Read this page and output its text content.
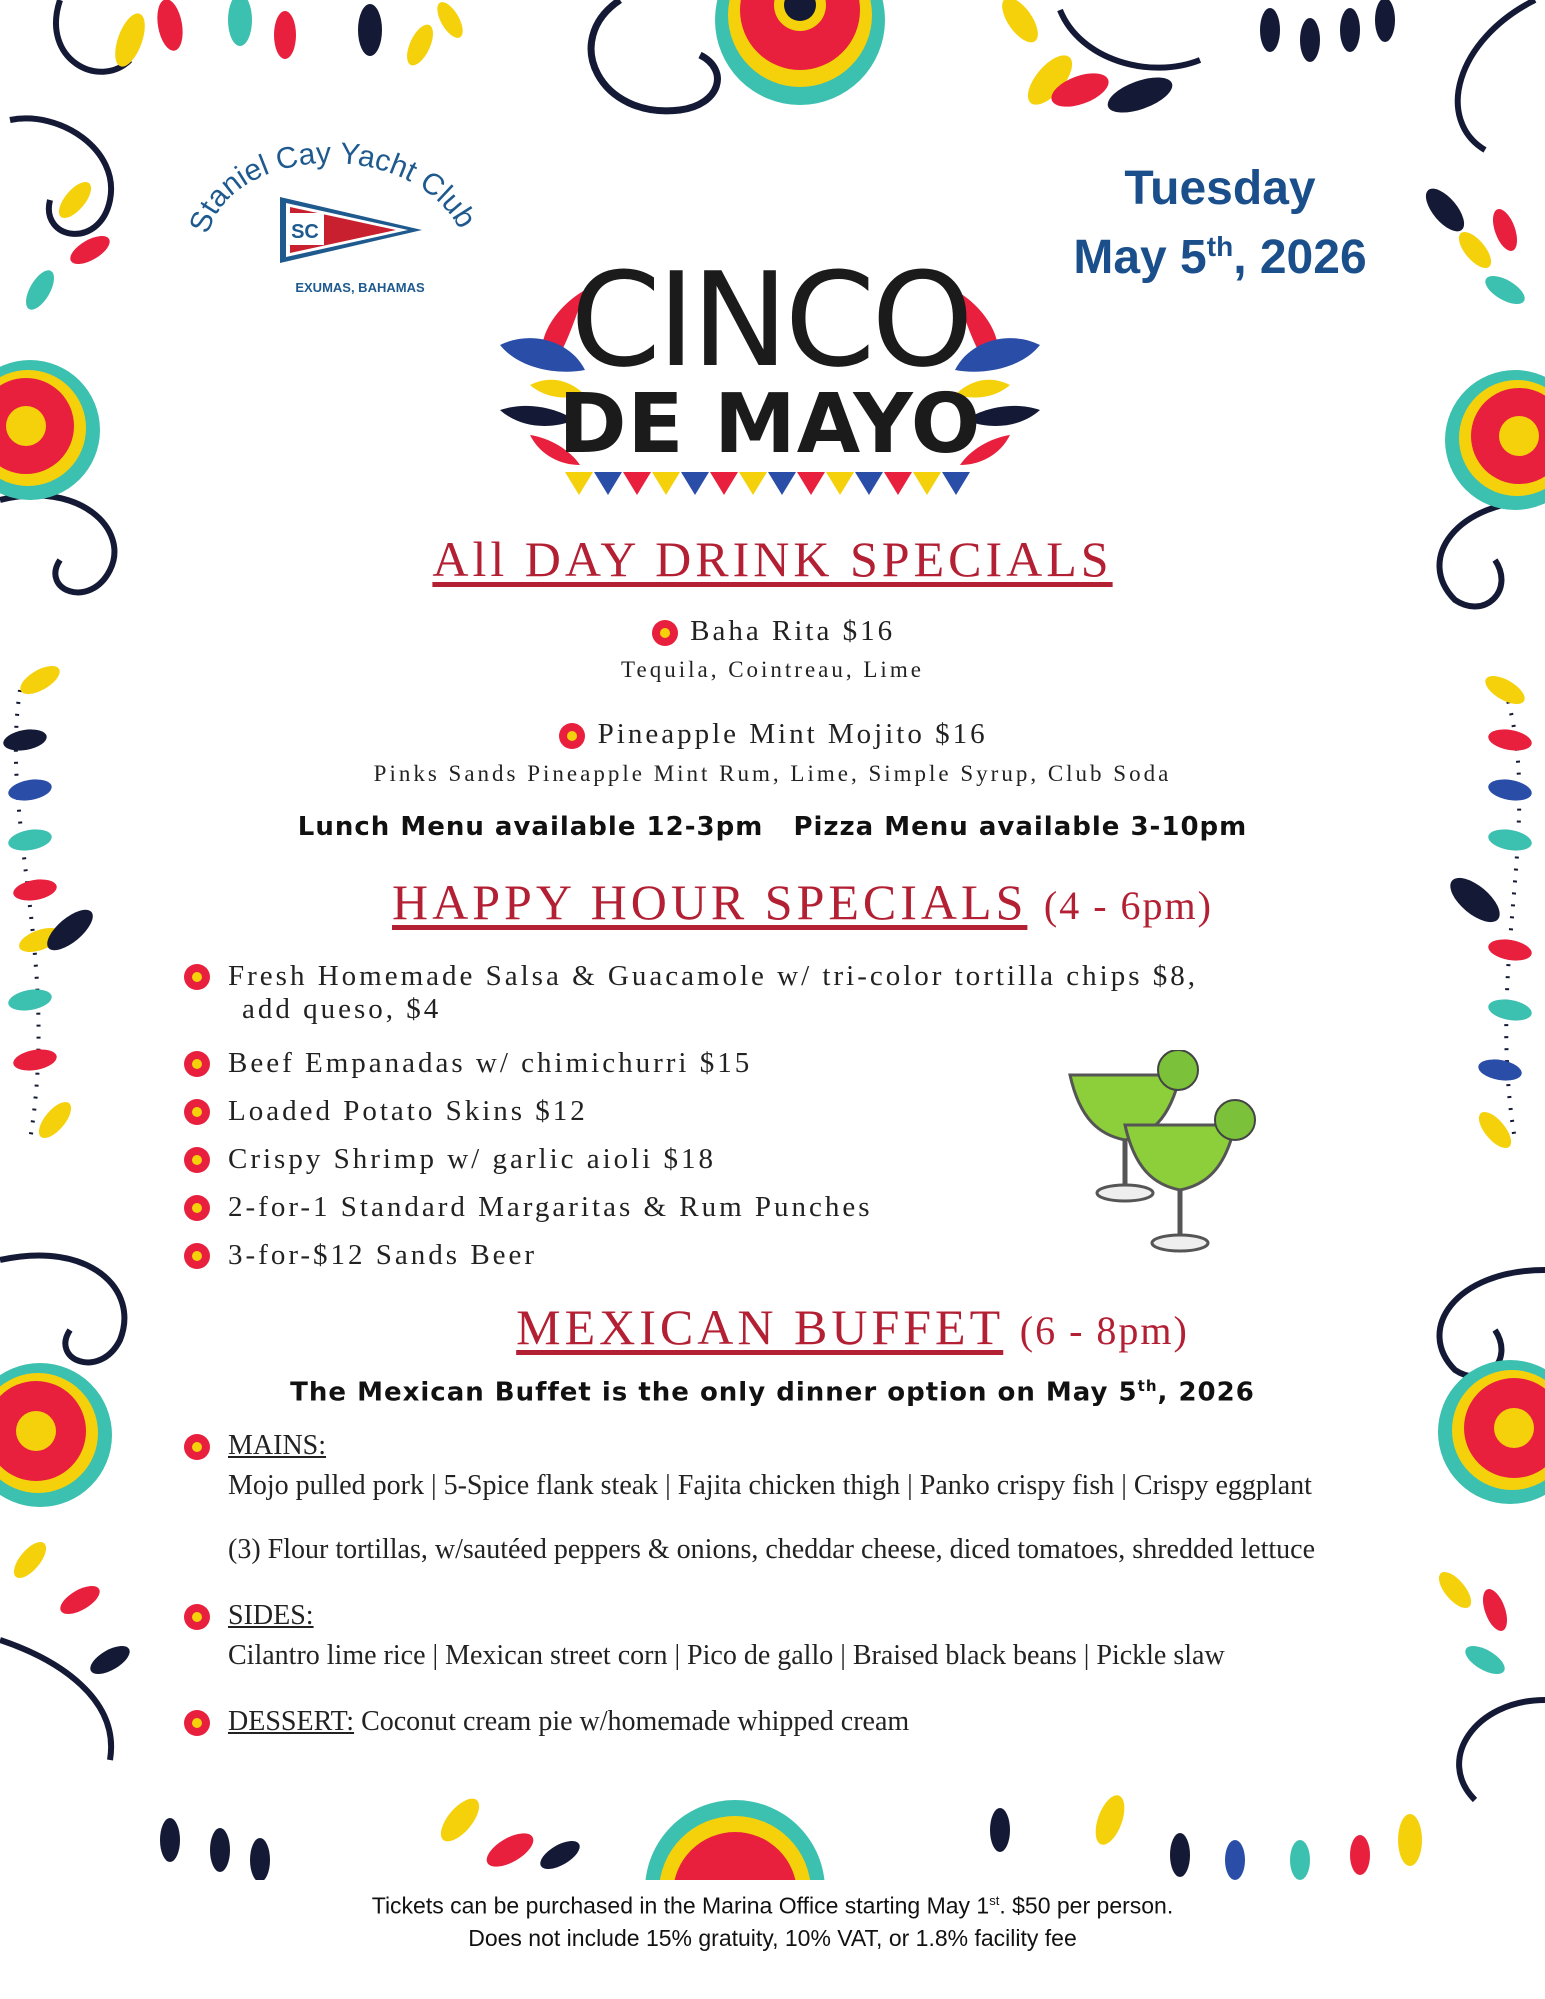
taniel Cay Yacht Club
SC
EXUMAS, BAHAMAS
Tuesday
May 5th, 2026
CINCO
DE MAYO
All DAY DRINK SPECIALS
Baha Rita $16
Tequila, Cointreau, Lime
Pineapple Mint Mojito $16
Pinks Sands Pineapple Mint Rum, Lime, Simple Syrup, Club Soda
Lunch Menu available 12-3pm   Pizza Menu available 3-10pm
HAPPY HOUR SPECIALS (4 - 6pm)
Fresh Homemade Salsa & Guacamole w/ tri-color tortilla chips $8,
add queso, $4
Beef Empanadas w/ chimichurri $15
Loaded Potato Skins $12
Crispy Shrimp w/ garlic aioli $18
2-for-1 Standard Margaritas & Rum Punches
3-for-$12 Sands Beer
MEXICAN BUFFET (6 - 8pm)
The Mexican Buffet is the only dinner option on May 5th, 2026
MAINS:
Mojo pulled pork | 5-Spice flank steak | Fajita chicken thigh | Panko crispy fish | Crispy eggplant
(3) Flour tortillas, w/sautéed peppers & onions, cheddar cheese, diced tomatoes, shredded lettuce
SIDES:
Cilantro lime rice | Mexican street corn | Pico de gallo | Braised black beans | Pickle slaw
DESSERT: Coconut cream pie w/homemade whipped cream
Tickets can be purchased in the Marina Office starting May 1st. $50 per person.
Does not include 15% gratuity, 10% VAT, or 1.8% facility fee
